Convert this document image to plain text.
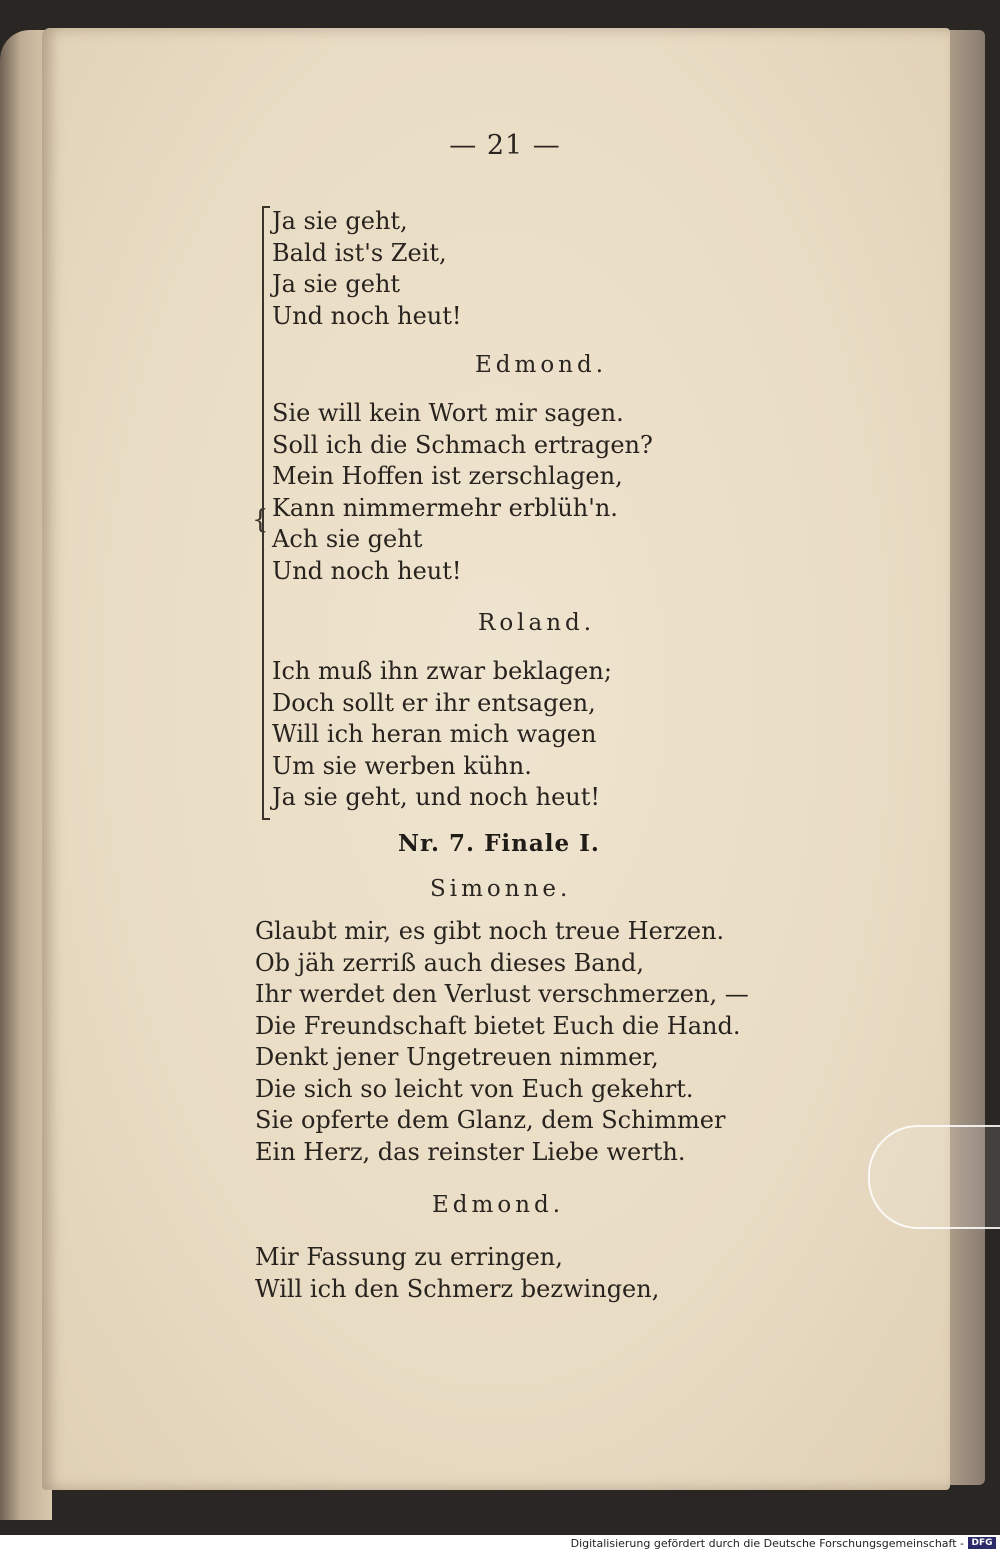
— 21 —
{
Ja sie geht,
Bald ist's Zeit,
Ja sie geht
Und noch heut!
Edmond.
Sie will kein Wort mir sagen.
Soll ich die Schmach ertragen?
Mein Hoffen ist zerschlagen,
Kann nimmermehr erblüh'n.
Ach sie geht
Und noch heut!
Roland.
Ich muß ihn zwar beklagen;
Doch sollt er ihr entsagen,
Will ich heran mich wagen
Um sie werben kühn.
Ja sie geht, und noch heut!
Nr. 7. Finale I.
Simonne.
Glaubt mir, es gibt noch treue Herzen.
Ob jäh zerriß auch dieses Band,
Ihr werdet den Verlust verschmerzen, —
Die Freundschaft bietet Euch die Hand.
Denkt jener Ungetreuen nimmer,
Die sich so leicht von Euch gekehrt.
Sie opferte dem Glanz, dem Schimmer
Ein Herz, das reinster Liebe werth.
Edmond.
Mir Fassung zu erringen,
Will ich den Schmerz bezwingen,
Digitalisierung gefördert durch die Deutsche Forschungsgemeinschaft - DFG
